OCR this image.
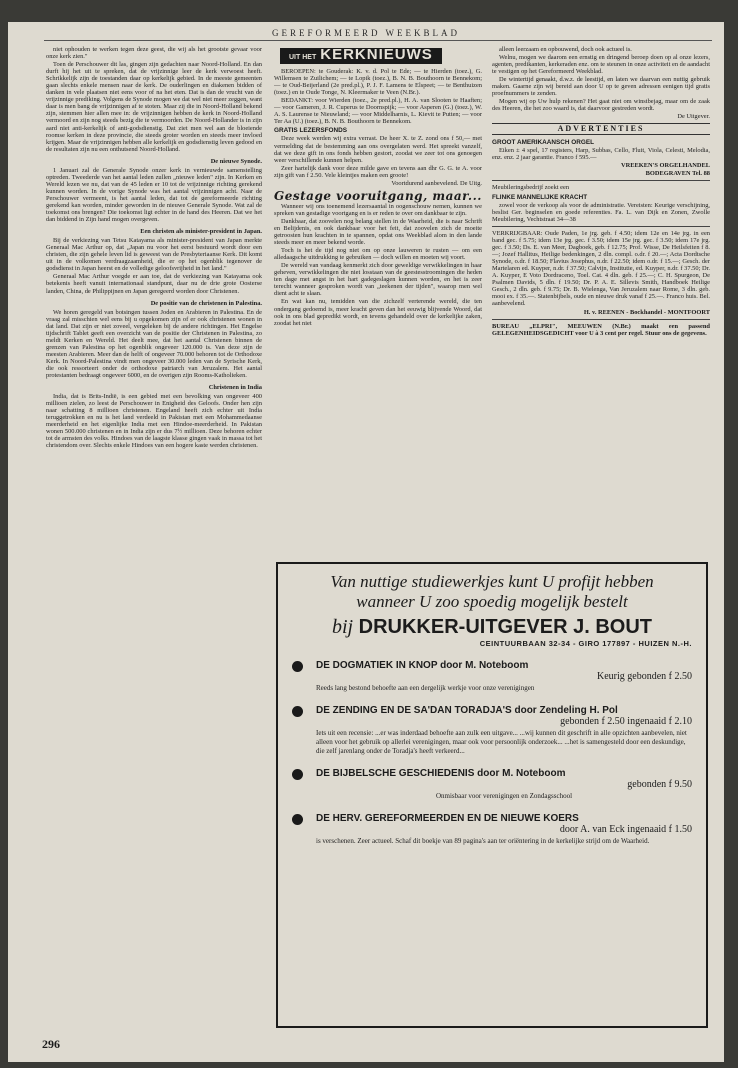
GEREFORMEERD WEEKBLAD

niet ophouden te werken tegen deze geest, die wij als het grootste gevaar voor onze kerk zien."

Toen de Perschouwer dit las, gingen zijn gedachten naar Noord-Holland. En dan durft hij het uit te spreken, dat de vrijzinnige leer de kerk verwoest heeft. Schrikkelijk zijn de toestanden daar op kerkelijk gebied. In de meeste gemeenten gaan slechts enkele mensen naar de kerk. De ouderlingen en diakenen bidden of danken in vele plaatsen niet eens voor of na het eten. Dat is dan de vrucht van de vrijzinnige prediking. Volgens de Synode mogen we dat wel niet meer zeggen, want daar is men bang de vrijzinnigen af te stoten. Maar zij die in Noord-Holland bekend zijn, stemmen hier allen mee in: de vrijzinnigen hebben de kerk in Noord-Holland vermoord en zijn nog steeds bezig die te vermoorden. De Noord-Hollander is in zijn aard niet anti-kerkelijk of anti-godsdienstig. Dat ziet men wel aan de bloeiende roomse kerken in deze provincie, die steeds groter worden en steeds meer invloed krijgen. Maar de vrijzinnigen hebben alle kerkelijk en godsdienstig leven gedood en de resultaten zijn nu een onthutsend Noord-Holland.

De nieuwe Synode.

1 Januari zal de Generale Synode onzer kerk in vernieuwde samenstelling optreden. Tweederde van het aantal leden zullen „nieuwe leden" zijn. In Kerken en Wereld lezen we nu, dat van de 45 leden er 10 tot de vrijzinnige richting gerekend kunnen worden. In de vorige Synode was het aantal vrijzinnigen acht. Naar de Perschouwer vermeent, is het aantal leden, dat tot de gereformeerde richting gerekend kan worden, minder geworden in de nieuwe Generale Synode. Wat zal de toekomst ons brengen? Die toekomst ligt echter in de hand des Heeren. Dat we het dan biddend in Zijn hand mogen overgeven.

Een christen als minister-president in Japan.

Bij de verkiezing van Tetsu Katayama als minister-president van Japan merkte Generaal Mac Arthur op, dat „Japan nu voor het eerst bestuurd wordt door een christen, die zijn gehele leven lid is geweest van de Presbyteriaanse Kerk. Dit komt uit in de volkomen verdraagzaamheid, die er op het ogenblik tegenover de godsdienst in Japan heerst en de volledige geloofsvrijheid in het land."

Generaal Mac Arthur voegde er aan toe, dat de verkiezing van Katayama ook betekenis heeft vanuit internationaal standpunt, daar nu de drie grote Oosterse landen, China, de Philippijnen en Japan geregeerd worden door Christenen.

De positie van de christenen in Palestina.

We horen geregeld van botsingen tussen Joden en Arabieren in Palestina. En de vraag zal misschien wel eens bij u opgekomen zijn of er ook christenen wonen in dat land. Dat zijn er niet zoveel, vergeleken bij de andere richtingen. Het Engelse tijdschrift Tablet geeft een overzicht van de positie der Christenen in Palestina, zo meldt Kerken en Wereld. Het deelt mee, dat het aantal Christenen binnen de grenzen van Palestina op het ogenblik ongeveer 120.000 is. Van deze zijn de meesten Arabieren. Meer dan de helft of ongeveer 70.000 behoren tot de Orthodoxe Kerk. In Noord-Palestina vindt men ongeveer 30.000 leden van de Syrische Kerk, die ook ressorteert onder de orthodoxe patriarch van Jeruzalem. Het aantal protestanten bedraagt ongeveer 6000, en de overigen zijn Rooms-Katholieken.

Christenen in India

India, dat is Brits-Indië, is een gebied met een bevolking van ongeveer 400 millioen zielen, zo leest de Perschouwer in Enigheid des Geloofs. Onder hen zijn naar schatting 8 millioen christenen. Engeland heeft zich echter uit India teruggetrokken en nu is het land verdeeld in Pakistan met een Mohammedaanse meerderheid en het eigenlijke India met een Hindoe-meerderheid. In Pakistan wonen 500.000 christenen en in India zijn er dus 7½ millioen. Deze behoren echter tot de armsten des volks. Hindoes van de laagste klasse gingen vaak in massa tot het christendom over. Slechts enkele Hindoes van een hogere kaste werden christenen.

UIT HET KERKNIEUWS

BEROEPEN: te Gouderak: K. v. d. Pol te Ede; — te Hierden (toez.), G. Willemsen te Zuilichem; — te Lopik (toez.), B. N. B. Bouthoorn te Bennekom; — te Oud-Beijerland (2e pred.pl.), P. J. F. Lamens te Elspeet; — te Benthuizen (toez.) en te Oude Tonge, N. Kleermaker te Veen (N.Br.).

BEDANKT: voor Wierden (toez., 2e pred.pl.), H. A. van Slooten te Haaften; — voor Gameren, J. R. Cuperus te Doornspijk; — voor Asperen (G.) (toez.), W. A. S. Laurense te Nieuwland; — voor Middelharnis, L. Kievit te Putten; — voor Ter Aa (U.) (toez.), B. N. B. Bouthoorn te Bennekom.

GRATIS LEZERSFONDS

Deze week werden wij extra verrast. De heer X. te Z. zond ons f 50,— met vermelding dat de bestemming aan ons overgelaten werd. Het spreekt vanzelf, dat we deze gift in ons fonds hebben gestort, zoodat we zeer tot ons genoegen weer verschillende kunnen helpen.

Zeer hartelijk dank voor deze milde gave en tevens aan dhr G. G. te A. voor zijn gift van f 2.50. Vele kleintjes maken een groote!

Voortdurend aanbevelend. De Uitg.

Gestage vooruitgang, maar...

Wanneer wij ons toenemend lezersaantal in oogenschouw nemen, kunnen we spreken van gestadige voortgang en is er reden te over om dankbaar te zijn.

Dankbaar, dat zoovelen nog belang stellen in de Waarheid, die is naar Schrift en Belijdenis, en ook dankbaar voor het feit, dat zoovelen zich de moeite getroosten hun krachten in te spannen, opdat ons Weekblad alom in den lande steeds meer en meer bekend worde.

Toch is het de tijd nog niet om op onze lauweren te rusten — om een alledaagsche uitdrukking te gebruiken — doch willen en moeten wij voort.

De wereld van vandaag kenmerkt zich door geweldige verwikkelingen in haar geheven, verwikkelingen die niet losstaan van de geestesstroomingen die heden ten dage met angst in het hart gadegeslagen kunnen worden, en het is zeer terecht wanneer gesproken wordt van „teekenen der tijden", waarop men wel dient acht te slaan.

En wat kan nu, temidden van die zichzelf verterende wereld, die ten ondergang gedoemd is, meer kracht geven dan het eeuwig blijvende Woord, dat ook in ons blad gepredikt wordt, en tevens gehandeld over de kerkelijke zaken, zoodat het niet

alleen leerzaam en opbouwend, doch ook actueel is.

Welnu, mogen we daarom een ernstig en dringend beroep doen op al onze lezers, agenten, predikanten, kerkeraden enz. om te steunen in onze activiteit en de aandacht te vestigen op het Gereformeerd Weekblad.

De wintertijd genaakt, d.w.z. de leestijd, en laten we daarvan een nuttig gebruik maken. Gaarne zijn wij bereid aan door U op te geven adressen eenigen tijd gratis proefnummers te zenden.

Mogen wij op Uw hulp rekenen? Het gaat niet om winstbejag, maar om de zaak des Heeren, die het zoo waard is, dat daarvoor gestreden wordt.

De Uitgever.

ADVERTENTIES

GROOT AMERIKAANSCH ORGEL

Eiken ± 4 spel, 17 registers, Harp, Subbas, Cello, Fluit, Viola, Celesti, Melodia, enz. enz. 2 jaar garantie. Franco f 595.—

VREEKEN'S ORGELHANDEL

BODEGRAVEN Tel. 88

Meubileringsbedrijf zoekt een

FLINKE MANNELIJKE KRACHT

zowel voor de verkoop als voor de administratie. Vereisten: Keurige verschijning, beslist Ger. beginselen en goede referenties. Fa. L. van Dijk en Zonen, Zwolle Meubilering, Vechtstraat 34—38

VERKRIJGBAAR: Oude Paden, 1e jrg. geb. f 4.50; idem 12e en 14e jrg. in een band gec. f 5.75; idem 13e jrg. gec. f 3.50; idem 15e jrg. gec. f 3.50; idem 17e jrg. gec. f 3.50; Ds. E. van Meer, Dagboek, geb. f 12.75; Prof. Wisse, De Heilsfeiten f 8.—; Jozef Hallitus, Heilige bedenkingen, 2 dln. compl. o.dr. f 20.—; Acta Dordtsche Synode, o.dr. f 18.50; Flavius Josephus, n.dr. f 22.50; idem o.dr. f 15.—; Gesch. der Martelaren ed. Kuyper, n.dr. f 37.50; Calvijn, Institutie, ed. Kuyper, n.dr. f 37.50; Dr. A. Kuyper, E Voto Dordraceno, Toel. Cat. 4 dln. geb. f 25.—; C. H. Spurgeon, De Psalmen Davids, 5 dln. f 19.50; Dr. P. A. E. Sillevis Smith, Handboek Heilige Gesch., 2 dln. geb. f 9.75; Dr. B. Wielenga, Van Jeruzalem naar Rome, 3 dln. geb. mooi ex. f 35.—. Statenbijbels, oude en nieuwe druk vanaf f 25.—. Franco huis. Bel. aanbevelend.

H. v. REENEN - Bockhandel - MONTFOORT

BUREAU „ELPRI", MEEUWEN (N.Br.) maakt een passend GELEGENHEIDSGEDICHT voor U à 3 cent per regel. Stuur ons de gegevens.

Van nuttige studiewerkjes kunt U profijt hebben
wanneer U zoo spoedig mogelijk bestelt
bij DRUKKER-UITGEVER J. BOUT
CEINTUURBAAN 32-34 - GIRO 177897 - HUIZEN N.-H.
DE DOGMATIEK IN KNOP door M. Noteboom
Keurig gebonden f 2.50
Reeds lang bestond behoefte aan een dergelijk werkje voor onze verenigingen
DE ZENDING EN DE SA'DAN TORADJA'S door Zendeling H. Pol
gebonden f 2.50 ingenaaid f 2.10
Iets uit een recensie: ...er was inderdaad behoefte aan zulk een uitgave... ...wij kunnen dit geschrift in alle opzichten aanbevelen, niet alleen voor het gebruik op allerlei verenigingen, maar ook voor persoonlijk onderzoek... ...het is samengesteld door een deskundige, die zelf jarenlang onder de Toradja's heeft verkeerd...
DE BIJBELSCHE GESCHIEDENIS door M. Noteboom
gebonden f 9.50
Onmisbaar voor verenigingen en Zondagsschool
DE HERV. GEREFORMEERDEN EN DE NIEUWE KOERS
door A. van Eck ingenaaid f 1.50
is verschenen. Zeer actueel. Schaf dit boekje van 89 pagina's aan ter oriëntering in de kerkelijke strijd om de Waarheid.
296
